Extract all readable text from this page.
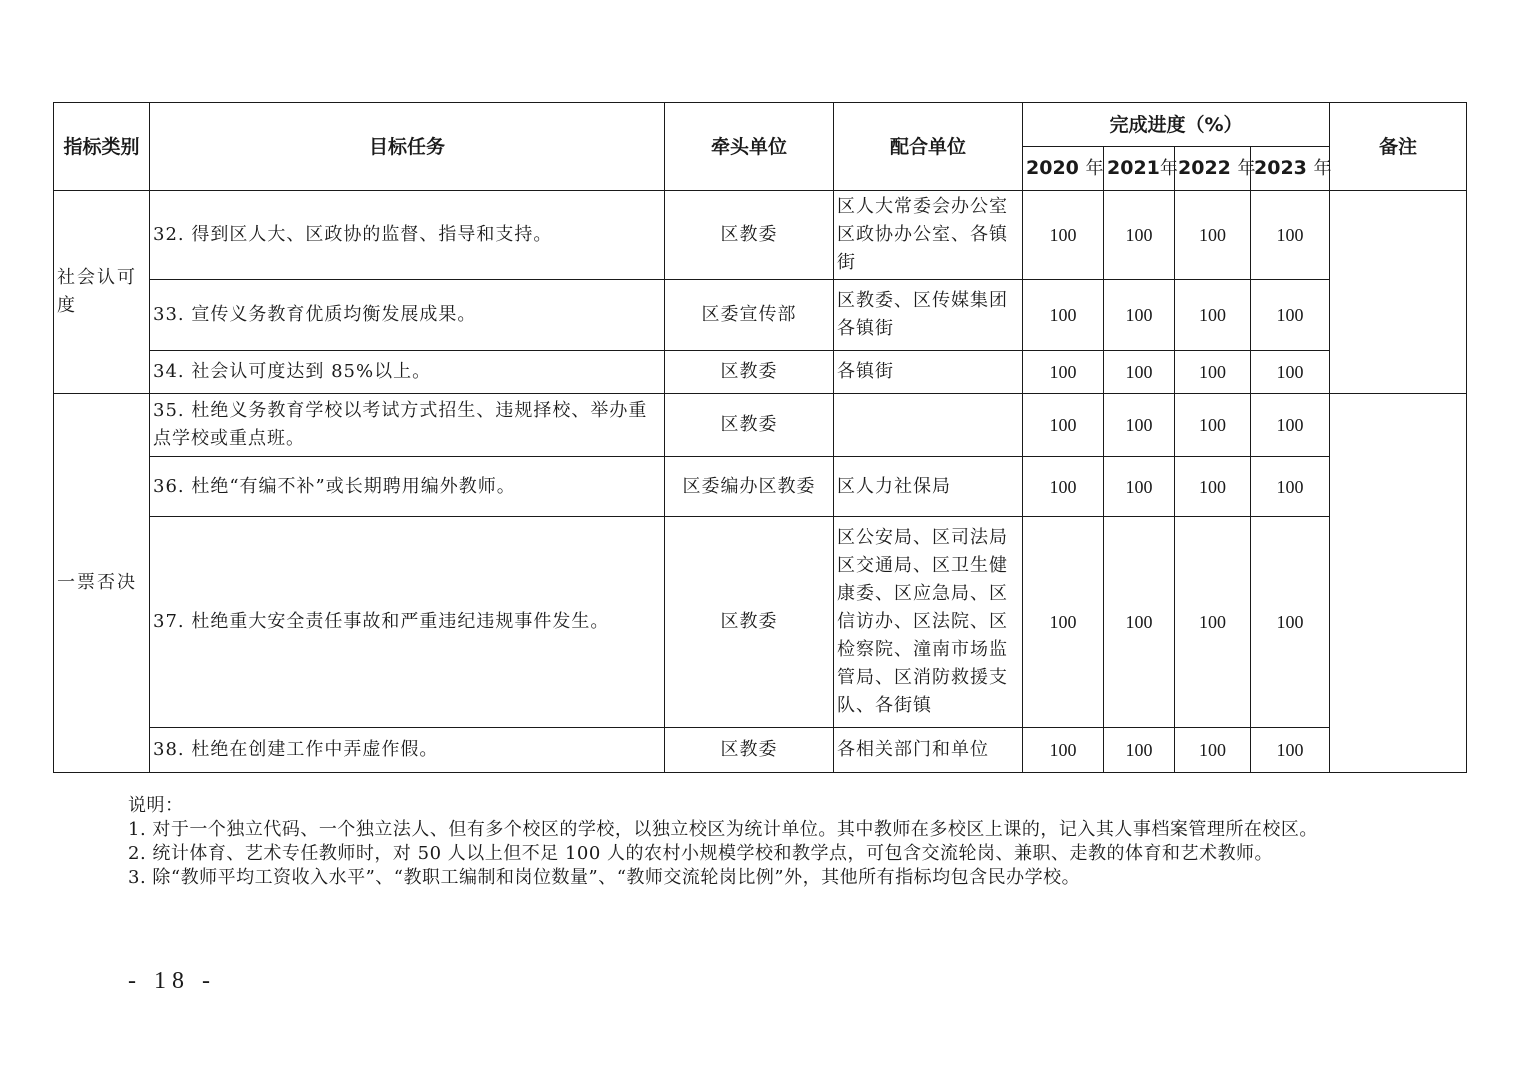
指标类别	目标任务	牵头单位	配合单位	完成进度（%）				备注
				2020 年	2021年	2022 年	2023 年	
社会认可度	32. 得到区人大、区政协的监督、指导和支持。	区教委	区人大常委会办公室区政协办公室、各镇街	100	100	100	100	
	33. 宣传义务教育优质均衡发展成果。	区委宣传部	区教委、区传媒集团各镇街	100	100	100	100	
	34. 社会认可度达到 85%以上。	区教委	各镇街	100	100	100	100	
一票否决	35. 杜绝义务教育学校以考试方式招生、违规择校、举办重点学校或重点班。	区教委		100	100	100	100	
	36. 杜绝“有编不补”或长期聘用编外教师。	区委编办区教委	区人力社保局	100	100	100	100	
	37. 杜绝重大安全责任事故和严重违纪违规事件发生。	区教委	区公安局、区司法局区交通局、区卫生健康委、区应急局、区信访办、区法院、区检察院、潼南市场监管局、区消防救援支队、各街镇	100	100	100	100	
	38. 杜绝在创建工作中弄虚作假。	区教委	各相关部门和单位	100	100	100	100	

说明：

1. 对于一个独立代码、一个独立法人、但有多个校区的学校，以独立校区为统计单位。其中教师在多校区上课的，记入其人事档案管理所在校区。

2. 统计体育、艺术专任教师时，对 50 人以上但不足 100 人的农村小规模学校和教学点，可包含交流轮岗、兼职、走教的体育和艺术教师。

3. 除“教师平均工资收入水平”、“教职工编制和岗位数量”、“教师交流轮岗比例”外，其他所有指标均包含民办学校。

- 18 -
